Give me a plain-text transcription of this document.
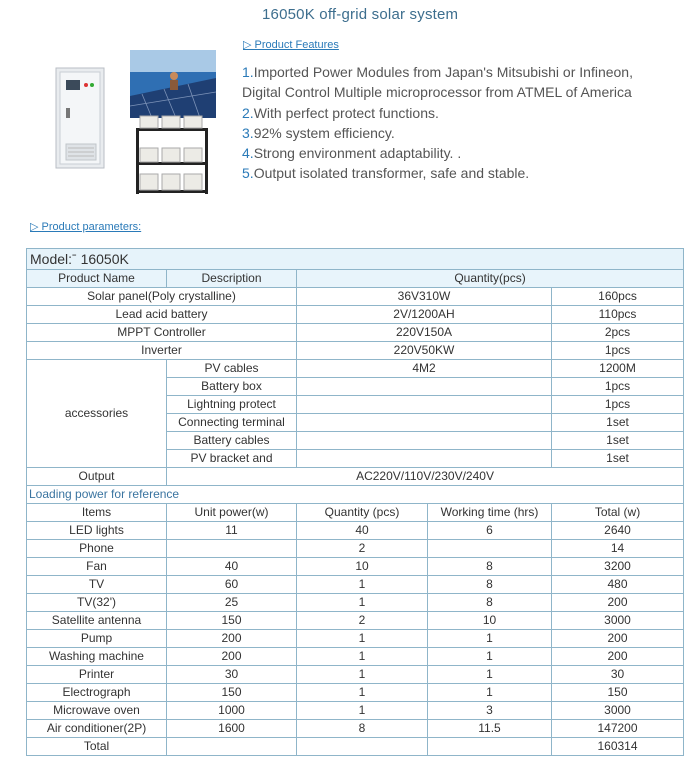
16050K off-grid solar system
▷ Product Features
1.Imported Power Modules from Japan's Mitsubishi or Infineon,
Digital Control Multiple microprocessor from ATMEL of America
2.With perfect protect functions.
3.92% system efficiency.
4.Strong environment adaptability. .
5.Output isolated transformer, safe and stable.
▷ Product parameters:
Model:ˉ 16050K				
Product Name	Description	Quantity(pcs)		
Solar panel(Poly crystalline)		36V310W		160pcs
Lead acid battery		2V/1200AH		110pcs
MPPT Controller		220V150A		2pcs
Inverter		220V50KW		1pcs
accessories	PV cables	4M2		1200M
	Battery box			1pcs
	Lightning protect			1pcs
	Connecting terminal			1set
	Battery cables			1set
	PV bracket and			1set
Output	AC220V/110V/230V/240V			
Loading power for reference				
Items	Unit power(w)	Quantity (pcs)	Working time (hrs)	Total (w)
LED lights	11	40	6	2640
Phone		2		14
Fan	40	10	8	3200
TV	60	1	8	480
TV(32')	25	1	8	200
Satellite antenna	150	2	10	3000
Pump	200	1	1	200
Washing machine	200	1	1	200
Printer	30	1	1	30
Electrograph	150	1	1	150
Microwave oven	1000	1	3	3000
Air conditioner(2P)	1600	8	11.5	147200
Total				160314
